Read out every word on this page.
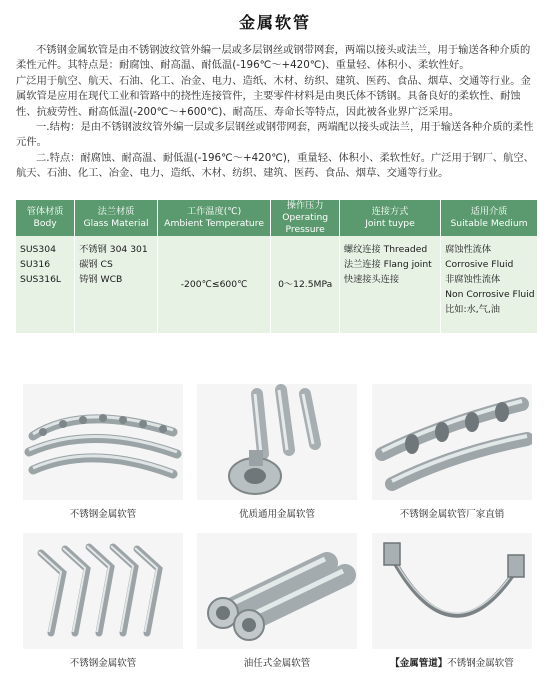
金属软管

不锈钢金属软管是由不锈钢波纹管外编一层或多层钢丝或钢带网套，两端以接头或法兰，用于输送各种介质的柔性元件。其特点是：耐腐蚀、耐高温、耐低温(-196℃～+420℃)、重量轻、体积小、柔软性好。

广泛用于航空、航天、石油、化工、冶金、电力、造纸、木材、纺织、建筑、医药、食品、烟草、交通等行业。金属软管是应用在现代工业和管路中的挠性连接管件，主要零件材料是由奥氏体不锈钢。具备良好的柔软性、耐蚀性、抗疲劳性、耐高低温(-200℃～+600℃)、耐高压、寿命长等特点，因此被各业界广泛采用。

一.结构：是由不锈钢波纹管外编一层或多层钢丝或钢带网套，两端配以接头或法兰，用于输送各种介质的柔性元件。

二.特点：耐腐蚀、耐高温、耐低温(-196℃～+420℃)，重量轻、体积小、柔软性好。广泛用于钢厂、航空、航天、石油、化工、冶金、电力、造纸、木材、纺织、建筑、医药、食品、烟草、交通等行业。

管体材质
Body	法兰材质
Glass Material	工作温度(℃)
Ambient Temperature	操作压力
Operating
Pressure	连接方式
Joint tuype	适用介质
Suitable Medium

SUS304
SU316
SUS316L	不锈钢 304 301
碳钢 CS
铸钢 WCB	-200℃≤600℃	0～12.5MPa	螺纹连接 Threaded
法兰连接 Flang joint
快速接头连接	腐蚀性流体
Corrosive Fluid
非腐蚀性流体
Non Corrosive Fluid
比如:水,气,油
不锈钢金属软管	优质通用金属软管	不锈钢金属软管厂家直销
不锈钢金属软管	油任式金属软管	【金属管道】不锈钢金属软管
